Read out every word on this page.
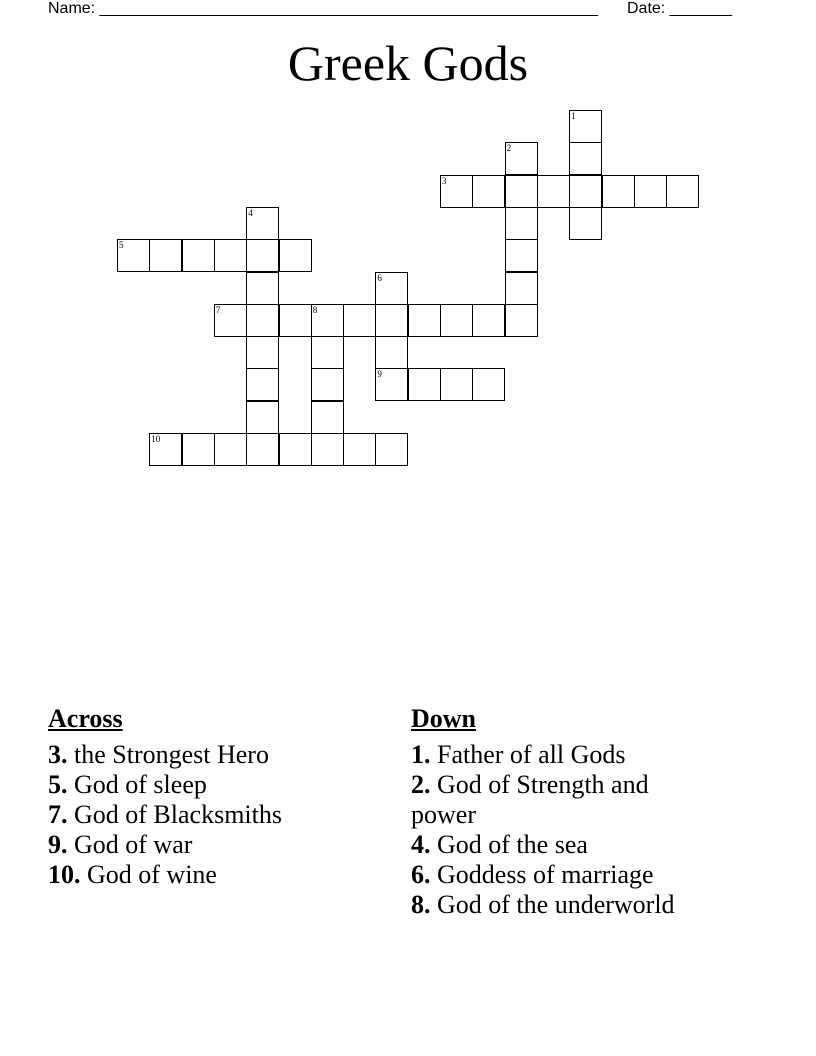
Name: ________________________________________________________ Date: _______
Greek Gods
1
2
3
4
5
6
9
7	8
10
Across
3. the Strongest Hero
5. God of sleep
7. God of Blacksmiths
9. God of war
10. God of wine
Down
1. Father of all Gods
2. God of Strength and power
4. God of the sea
6. Goddess of marriage
8. God of the underworld
